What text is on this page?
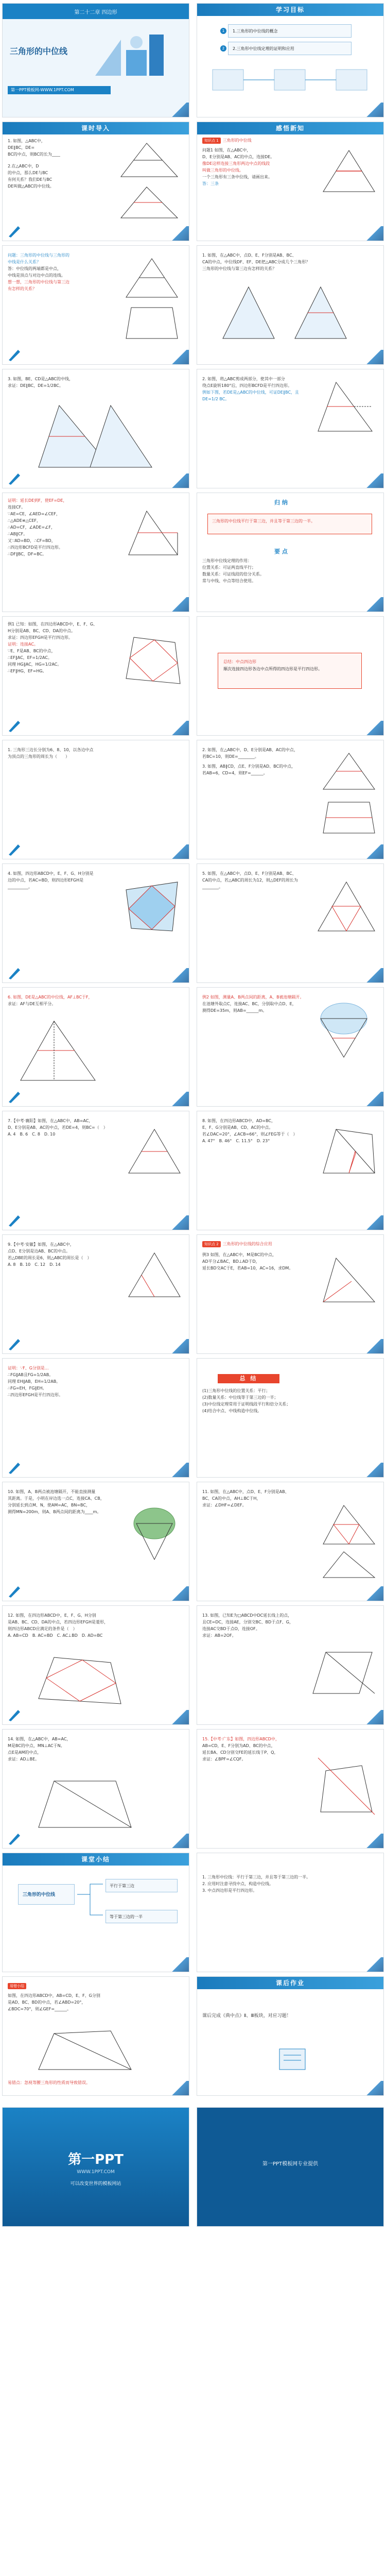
第二十二章 四边形
三角形的中位线
第一PPT模板网-WWW.1PPT.COM
学习目标
1	1.三角形的中位线的概念
2	2.三角形中位线定理的证明和应用
课时导入
1. 如图，△ABC中，
DE∥BC，DE=
BC的中点，则BC的长为____
2.在△ABC中，D
的中点，那么DE与BC
有何关系？我们DE与BC
DE叫做△ABC的中位线。
感悟新知
知识点 1 三角形的中位线
问题1 如图，在△ABC中，
D、E分别是AB、AC的中点，连接DE。
像DE这样连接三角形两边中点的线段
叫做三角形的中位线。
一个三角形有三条中位线，请画出来。
答：三条
问题：三角形的中位线与三角形的
中线是什么关系？
答：中位线的两端都是中点，
中线是顶点与对边中点的连线。
想一想，三角形的中位线与第三边
有怎样的关系？
1. 如图，在△ABC中，点D、E、F分别是AB、BC、
CA的中点，中位线DF、EF、DE把△ABC分成几个三角形？
三角形的中位线与第三边有怎样的关系？
3. 如图，BE、CD是△ABC的中线，
求证：DE∥BC，DE=1/2BC。
2. 如图，将△ABC剪成两部分，使其中一部分
绕点E旋转180°后，四边形BCFD是平行四边形。
例如下图，若DE是△ABC的中位线，可证DE∥BC，且
DE=1/2 BC。
证明：延长DE到F，使EF=DE，
连接CF。
∵AE=CE，∠AED=∠CEF，
∴△ADE≌△CEF，
∴AD=CF，∠ADE=∠F，
∴AB∥CF。
又∵AD=BD，∴CF=BD，
∴四边形BCFD是平行四边形。
∴DF∥BC，DF=BC。
归 纳
三角形的中位线平行于第三边，并且等于第三边的一半。
要 点
三角形中位线定理的作用：
位置关系：可证两直线平行；
数量关系：可证线段的倍分关系。
常与中线、中点等结合使用。
例1 已知：如图，在四边形ABCD中，E、F、G、
H分别是AB、BC、CD、DA的中点。
求证：四边形EFGH是平行四边形。
证明：连接AC。
∵E、F是AB、BC的中点，
∴EF∥AC，EF=1/2AC。
同理 HG∥AC，HG=1/2AC。
∴EF∥HG，EF=HG。
总结：中点四边形
顺次连接四边形各边中点所得的四边形是平行四边形。
1. 三角形三边长分别为6、8、10，以各边中点
为顶点的三角形的周长为（　　）
2. 如图，在△ABC中，D、E分别是AB、AC的中点，
若BC=10，则DE=________。
3. 如图，AB∥CD，点E、F分别是AD、BC的中点，
若AB=6，CD=4，则EF=______。
4. 如图，四边形ABCD中，E、F、G、H分别是
边的中点，若AC=BD，则四边形EFGH是
__________。
5. 如图，在△ABC中，点D、E、F分别是AB、BC、
CA的中点，若△ABC的周长为12，则△DEF的周长为
________。
6. 如图，DE是△ABC的中位线，AF⊥BC于F，
求证：AF与DE互相平分。
例2 如图，测量A、B两点间的距离，A、B被池塘隔开。
在池塘外取点C，连接AC、BC，分别取中点D、E，
测得DE=35m，则AB=______m。
7.【中考·襄阳】如图，在△ABC中，AB=AC，
D、E分别是AB、AC的中点，若DE=4，则BC=（　）
A. 4　B. 6　C. 8　D. 10
8. 如图，在四边形ABCD中，AD=BC，
E、F、G分别是AB、CD、AC的中点。
若∠DAC=20°，∠ACB=66°，则∠FEG等于（　）
A. 47°　B. 46°　C. 11.5°　D. 23°
9.【中考·安徽】如图，在△ABC中，
点D、E分别是边AB、BC的中点。
若△DBE的周长是6，则△ABC的周长是（　）
A. 8　B. 10　C. 12　D. 14
知识点 2 三角形的中位线的综合应用
例3 如图，在△ABC中，M是BC的中点，
AD平分∠BAC，BD⊥AD于D，
延长BD交AC于E，若AB=10，AC=16，求DM。
证明：∵F、G分别是...
∴FG∥AB且FG=1/2AB。
同理 EH∥AB，EH=1/2AB。
∴FG=EH，FG∥EH。
∴四边形EFGH是平行四边形。
总 结
(1)三角形中位线的位置关系：平行；
(2)数量关系：中位线等于第三边的一半；
(3)中位线定理常用于证明线段平行和倍分关系；
(4)结合中点、中线构造中位线。
10. 如图，A、B两点被池塘隔开，不能直接测量
其距离。于是，小明在岸边选一点C，连接CA、CB，
分别延长到点M、N，使AM=AC，BN=BC，
测得MN=200m，则A、B两点间的距离为____m。
11. 如图，在△ABC中，点D、E、F分别是AB、
BC、CA的中点，AH⊥BC于H，
求证：∠DHF=∠DEF。
12. 如图，在四边形ABCD中，E、F、G、H分别
是AB、BC、CD、DA的中点，若四边形EFGH是菱形，
则四边形ABCD应满足的条件是（　）
A. AB=CD　B. AC=BD　C. AC⊥BD　D. AD=BC
13. 如图，已知E为□ABCD中DC延长线上的点，
且CE=DC，连接AE，分别交BC、BD于点F、G，
连接AC交BD于点O，连接OF。
求证：AB=2OF。
14. 如图，在△ABC中，AB=AC，
M是BC的中点，MN⊥AC于N。
点E是AM的中点，
求证：AD⊥BE。
15.【中考·广东】如图，四边形ABCD中，
AB=CD，E、F分别为AD、BC的中点，
延长BA、CD分别交FE的延长线于P、Q，
求证：∠BPF=∠CQF。
课堂小结
三角形的中位线
平行于第三边
等于第三边的一半
1. 三角形中位线：平行于第三边，并且等于第三边的一半。
2. 应用时注意寻找中点，构造中位线。
3. 中点四边形是平行四边形。
易错小结
如图，在四边形ABCD中，AB=CD，E、F、G分别
是AD、BC、BD的中点，若∠ABD=20°，
∠BDC=70°，则∠GEF=______。
易错点：忽视等腰三角形的性质而导致错误。
课后作业
课后完成《典中点》Ⅱ、Ⅲ板块，对应习题！
第一PPT
WWW.1PPT.COM
可以改变世界的模板网站
第一PPT模板网专业提供
